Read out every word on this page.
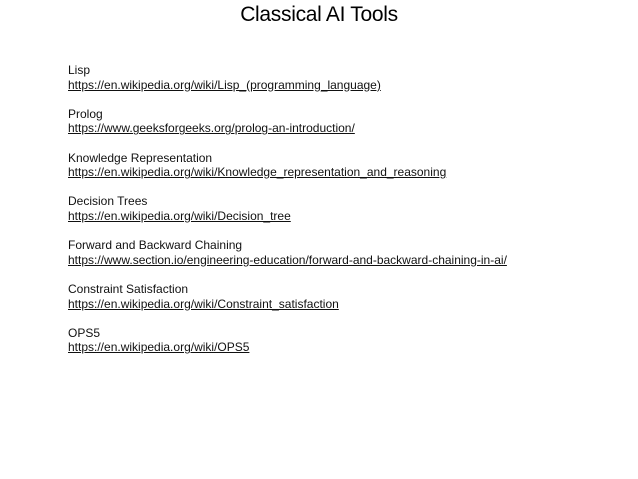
Classical AI Tools
Lisp
https://en.wikipedia.org/wiki/Lisp_(programming_language)
Prolog
https://www.geeksforgeeks.org/prolog-an-introduction/
Knowledge Representation
https://en.wikipedia.org/wiki/Knowledge_representation_and_reasoning
Decision Trees
https://en.wikipedia.org/wiki/Decision_tree
Forward and Backward Chaining
https://www.section.io/engineering-education/forward-and-backward-chaining-in-ai/
Constraint Satisfaction
https://en.wikipedia.org/wiki/Constraint_satisfaction
OPS5
https://en.wikipedia.org/wiki/OPS5
